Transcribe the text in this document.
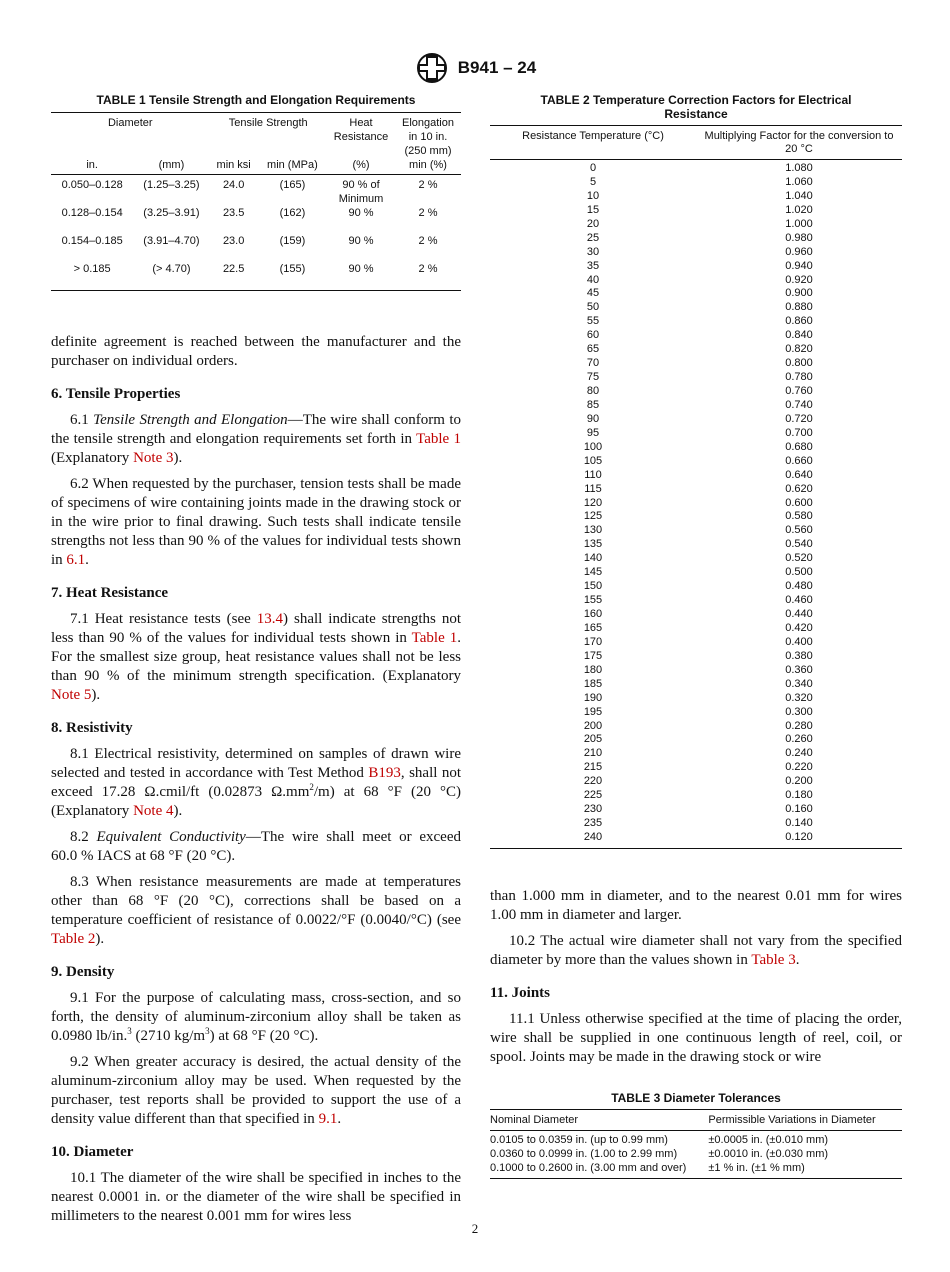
B941 – 24
TABLE 1 Tensile Strength and Elongation Requirements
Diameter		Tensile Strength		Heat Resistance	Elongation in 10 in. (250 mm)
in.	(mm)	min ksi	min (MPa)	(%)	min (%)
0.050–0.128	(1.25–3.25)	24.0	(165)	90 % of Minimum	2 %
0.128–0.154	(3.25–3.91)	23.5	(162)	90 %	2 %
0.154–0.185	(3.91–4.70)	23.0	(159)	90 %	2 %
> 0.185	(> 4.70)	22.5	(155)	90 %	2 %

definite agreement is reached between the manufacturer and the purchaser on individual orders.

6. Tensile Properties

6.1 Tensile Strength and Elongation—The wire shall conform to the tensile strength and elongation requirements set forth in Table 1 (Explanatory Note 3).

6.2 When requested by the purchaser, tension tests shall be made of specimens of wire containing joints made in the drawing stock or in the wire prior to final drawing. Such tests shall indicate tensile strengths not less than 90 % of the values for individual tests shown in 6.1.

7. Heat Resistance

7.1 Heat resistance tests (see 13.4) shall indicate strengths not less than 90 % of the values for individual tests shown in Table 1. For the smallest size group, heat resistance values shall not be less than 90 % of the minimum strength specification. (Explanatory Note 5).

8. Resistivity

8.1 Electrical resistivity, determined on samples of drawn wire selected and tested in accordance with Test Method B193, shall not exceed 17.28 Ω.cmil/ft (0.02873 $\Omega.mm^2/m$) at 68 °F (20 °C) (Explanatory Note 4).

8.2 Equivalent Conductivity—The wire shall meet or exceed 60.0 % IACS at 68 °F (20 °C).

8.3 When resistance measurements are made at temperatures other than 68 °F (20 °C), corrections shall be based on a temperature coefficient of resistance of 0.0022/°F (0.0040/°C) (see Table 2).

9. Density

9.1 For the purpose of calculating mass, cross-section, and so forth, the density of aluminum-zirconium alloy shall be taken as 0.0980 lb/in.$^3$ (2710 $kg/m^3$) at 68 °F (20 °C).

9.2 When greater accuracy is desired, the actual density of the aluminum-zirconium alloy may be used. When requested by the purchaser, test reports shall be provided to support the use of a density value different than that specified in 9.1.

10. Diameter

10.1 The diameter of the wire shall be specified in inches to the nearest 0.0001 in. or the diameter of the wire shall be specified in millimeters to the nearest 0.001 mm for wires less

TABLE 2 Temperature Correction Factors for Electrical Resistance
Resistance Temperature (°C)	Multiplying Factor for the conversion to 20 °C
0	1.080
5	1.060
10	1.040
15	1.020
20	1.000
25	0.980
30	0.960
35	0.940
40	0.920
45	0.900
50	0.880
55	0.860
60	0.840
65	0.820
70	0.800
75	0.780
80	0.760
85	0.740
90	0.720
95	0.700
100	0.680
105	0.660
110	0.640
115	0.620
120	0.600
125	0.580
130	0.560
135	0.540
140	0.520
145	0.500
150	0.480
155	0.460
160	0.440
165	0.420
170	0.400
175	0.380
180	0.360
185	0.340
190	0.320
195	0.300
200	0.280
205	0.260
210	0.240
215	0.220
220	0.200
225	0.180
230	0.160
235	0.140
240	0.120

than 1.000 mm in diameter, and to the nearest 0.01 mm for wires 1.00 mm in diameter and larger.

10.2 The actual wire diameter shall not vary from the specified diameter by more than the values shown in Table 3.

11. Joints

11.1 Unless otherwise specified at the time of placing the order, wire shall be supplied in one continuous length of reel, coil, or spool. Joints may be made in the drawing stock or wire

TABLE 3 Diameter Tolerances
Nominal Diameter	Permissible Variations in Diameter
0.0105 to 0.0359 in. (up to 0.99 mm)	±0.0005 in. (±0.010 mm)
0.0360 to 0.0999 in. (1.00 to 2.99 mm)	±0.0010 in. (±0.030 mm)
0.1000 to 0.2600 in. (3.00 mm and over)	±1 % in. (±1 % mm)
2
